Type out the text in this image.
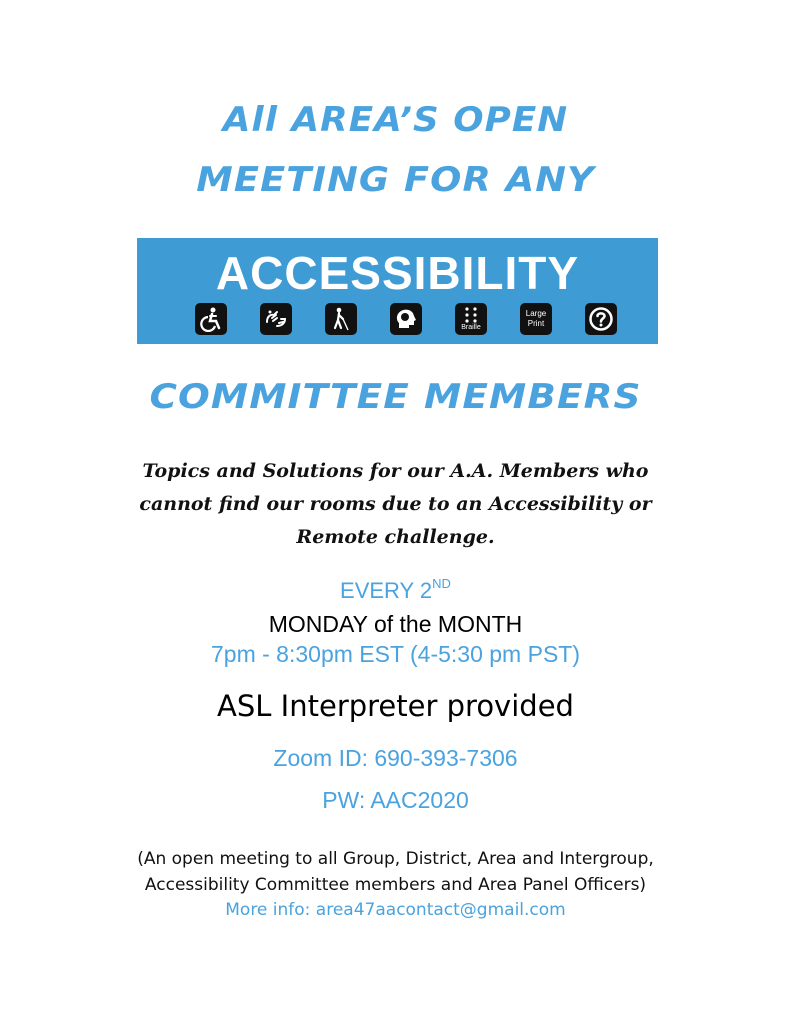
All AREA’S OPEN
MEETING FOR ANY
ACCESSIBILITY
Braille
Large
Print
COMMITTEE MEMBERS
Topics and Solutions for our A.A. Members who
cannot find our rooms due to an Accessibility or
Remote challenge.
EVERY 2ND
MONDAY of the MONTH
7pm - 8:30pm EST (4-5:30 pm PST)
ASL Interpreter provided
Zoom ID: 690-393-7306
PW: AAC2020
(An open meeting to all Group, District, Area and Intergroup,
Accessibility Committee members and Area Panel Officers)
More info: area47aacontact@gmail.com
